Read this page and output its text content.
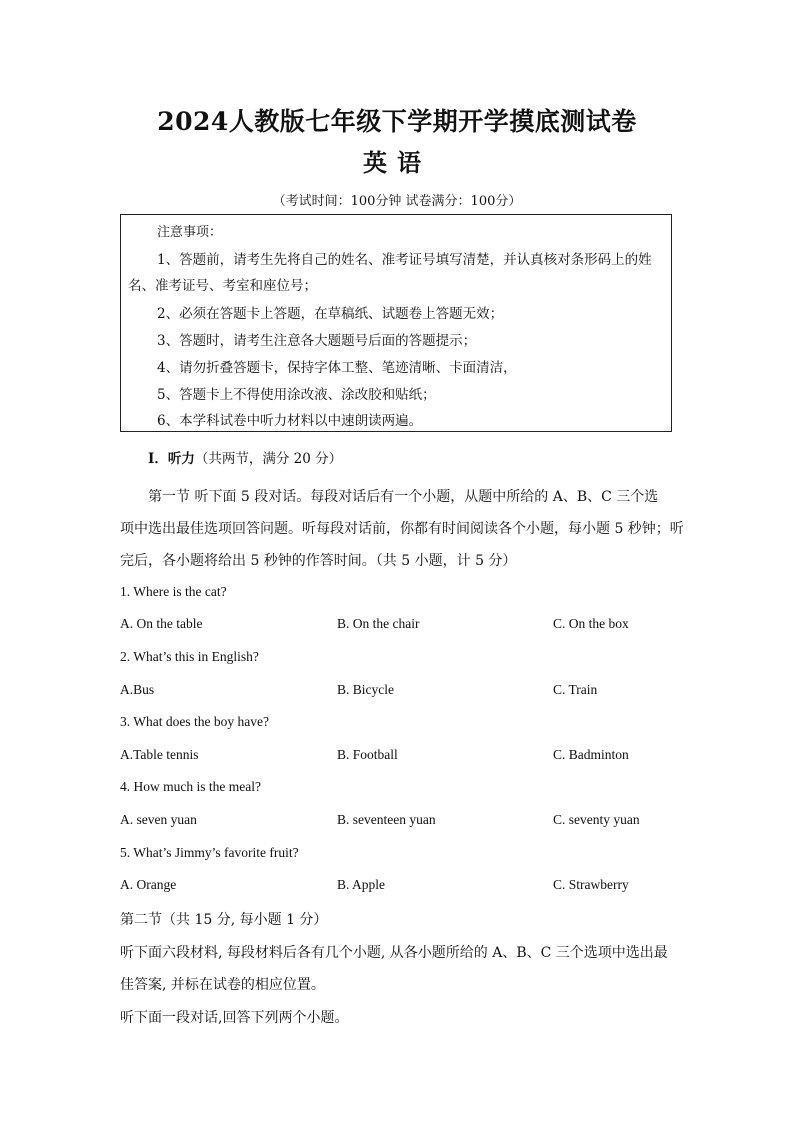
2024人教版七年级下学期开学摸底测试卷
英语
（考试时间：100分钟 试卷满分：100分）
注意事项：
1、答题前，请考生先将自己的姓名、准考证号填写清楚，并认真核对条形码上的姓
名、准考证号、考室和座位号；
2、必须在答题卡上答题，在草稿纸、试题卷上答题无效；
3、答题时，请考生注意各大题题号后面的答题提示；
4、请勿折叠答题卡，保持字体工整、笔迹清晰、卡面清洁，
5、答题卡上不得使用涂改液、涂改胶和贴纸；
6、本学科试卷中听力材料以中速朗读两遍。
I．听力（共两节，满分 20 分）
第一节 听下面 5 段对话。每段对话后有一个小题，从题中所给的 A、B、C 三个选
项中选出最佳选项回答问题。听每段对话前，你都有时间阅读各个小题，每小题 5 秒钟；听
完后，各小题将给出 5 秒钟的作答时间。（共 5 小题，计 5 分）
1. Where is the cat?
A. On the table	B. On the chair	C. On the box
2. What’s this in English?
A.Bus	B. Bicycle	C. Train
3. What does the boy have?
A.Table tennis	B. Football	C. Badminton
4. How much is the meal?
A. seven yuan	B. seventeen yuan	C. seventy yuan
5. What’s Jimmy’s favorite fruit?
A. Orange	B. Apple	C. Strawberry
第二节（共 15 分, 每小题 1 分）
听下面六段材料, 每段材料后各有几个小题, 从各小题所给的 A、B、C 三个选项中选出最
佳答案, 并标在试卷的相应位置。
听下面一段对话,回答下列两个小题。
